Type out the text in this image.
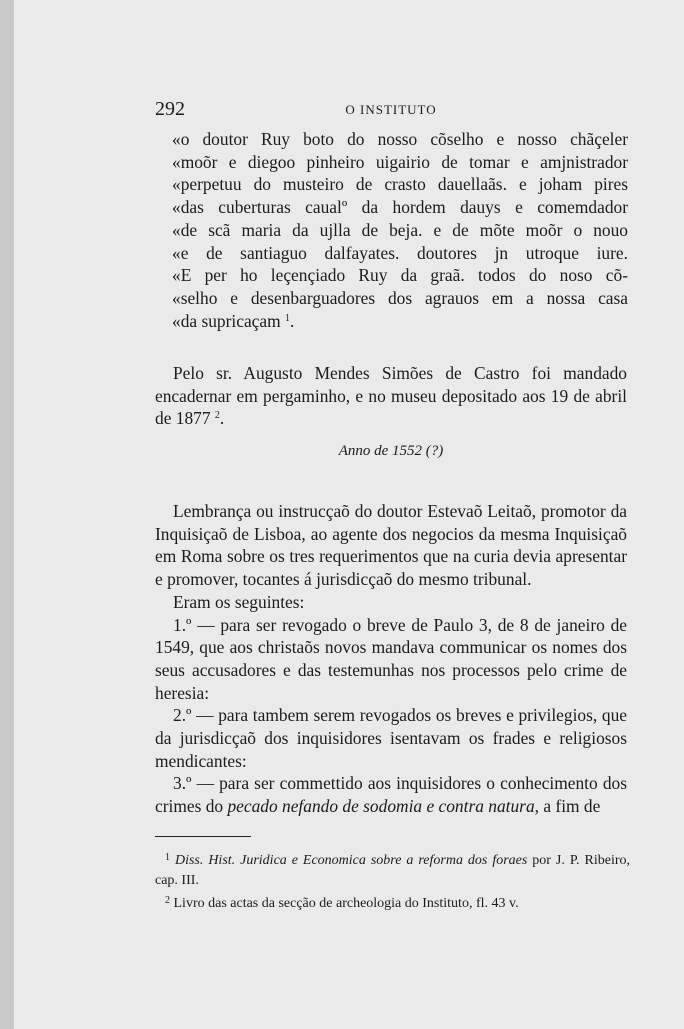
292	O INSTITUTO
«o doutor Ruy boto do nosso cõselho e nosso chãçeler
«moõr e diegoo pinheiro uigairio de tomar e amjnistrador
«perpetuu do musteiro de crasto dauellaãs. e joham pires
«das cuberturas caualº da hordem dauys e comemdador
«de scã maria da ujlla de beja. e de mõte moõr o nouo
«e de santiaguo dalfayates. doutores jn utroque iure.
«E per ho leçençiado Ruy da graã. todos do noso cõ-
«selho e desenbarguadores dos agrauos em a nossa casa
«da supricaçam $^1$.
Pelo sr. Augusto Mendes Simões de Castro foi mandado encadernar em pergaminho, e no museu depositado aos 19 de abril de 1877 $^2$.
Anno de 1552 (?)

Lembrança ou instrucçaõ do doutor Estevaõ Leitaõ, promotor da Inquisiçaõ de Lisboa, ao agente dos negocios da mesma Inquisiçaõ em Roma sobre os tres requerimentos que na curia devia apresentar e promover, tocantes á jurisdicçaõ do mesmo tribunal.

Eram os seguintes:

1.º — para ser revogado o breve de Paulo 3, de 8 de janeiro de 1549, que aos christaõs novos mandava communicar os nomes dos seus accusadores e das testemunhas nos processos pelo crime de heresia:

2.º — para tambem serem revogados os breves e privilegios, que da jurisdicçaõ dos inquisidores isentavam os frades e religiosos mendicantes:

3.º — para ser commettido aos inquisidores o conhecimento dos crimes do pecado nefando de sodomia e contra natura, a fim de

$^1$ Diss. Hist. Juridica e Economica sobre a reforma dos foraes por J. P. Ribeiro, cap. III.

$^2$ Livro das actas da secção de archeologia do Instituto, fl. 43 v.
